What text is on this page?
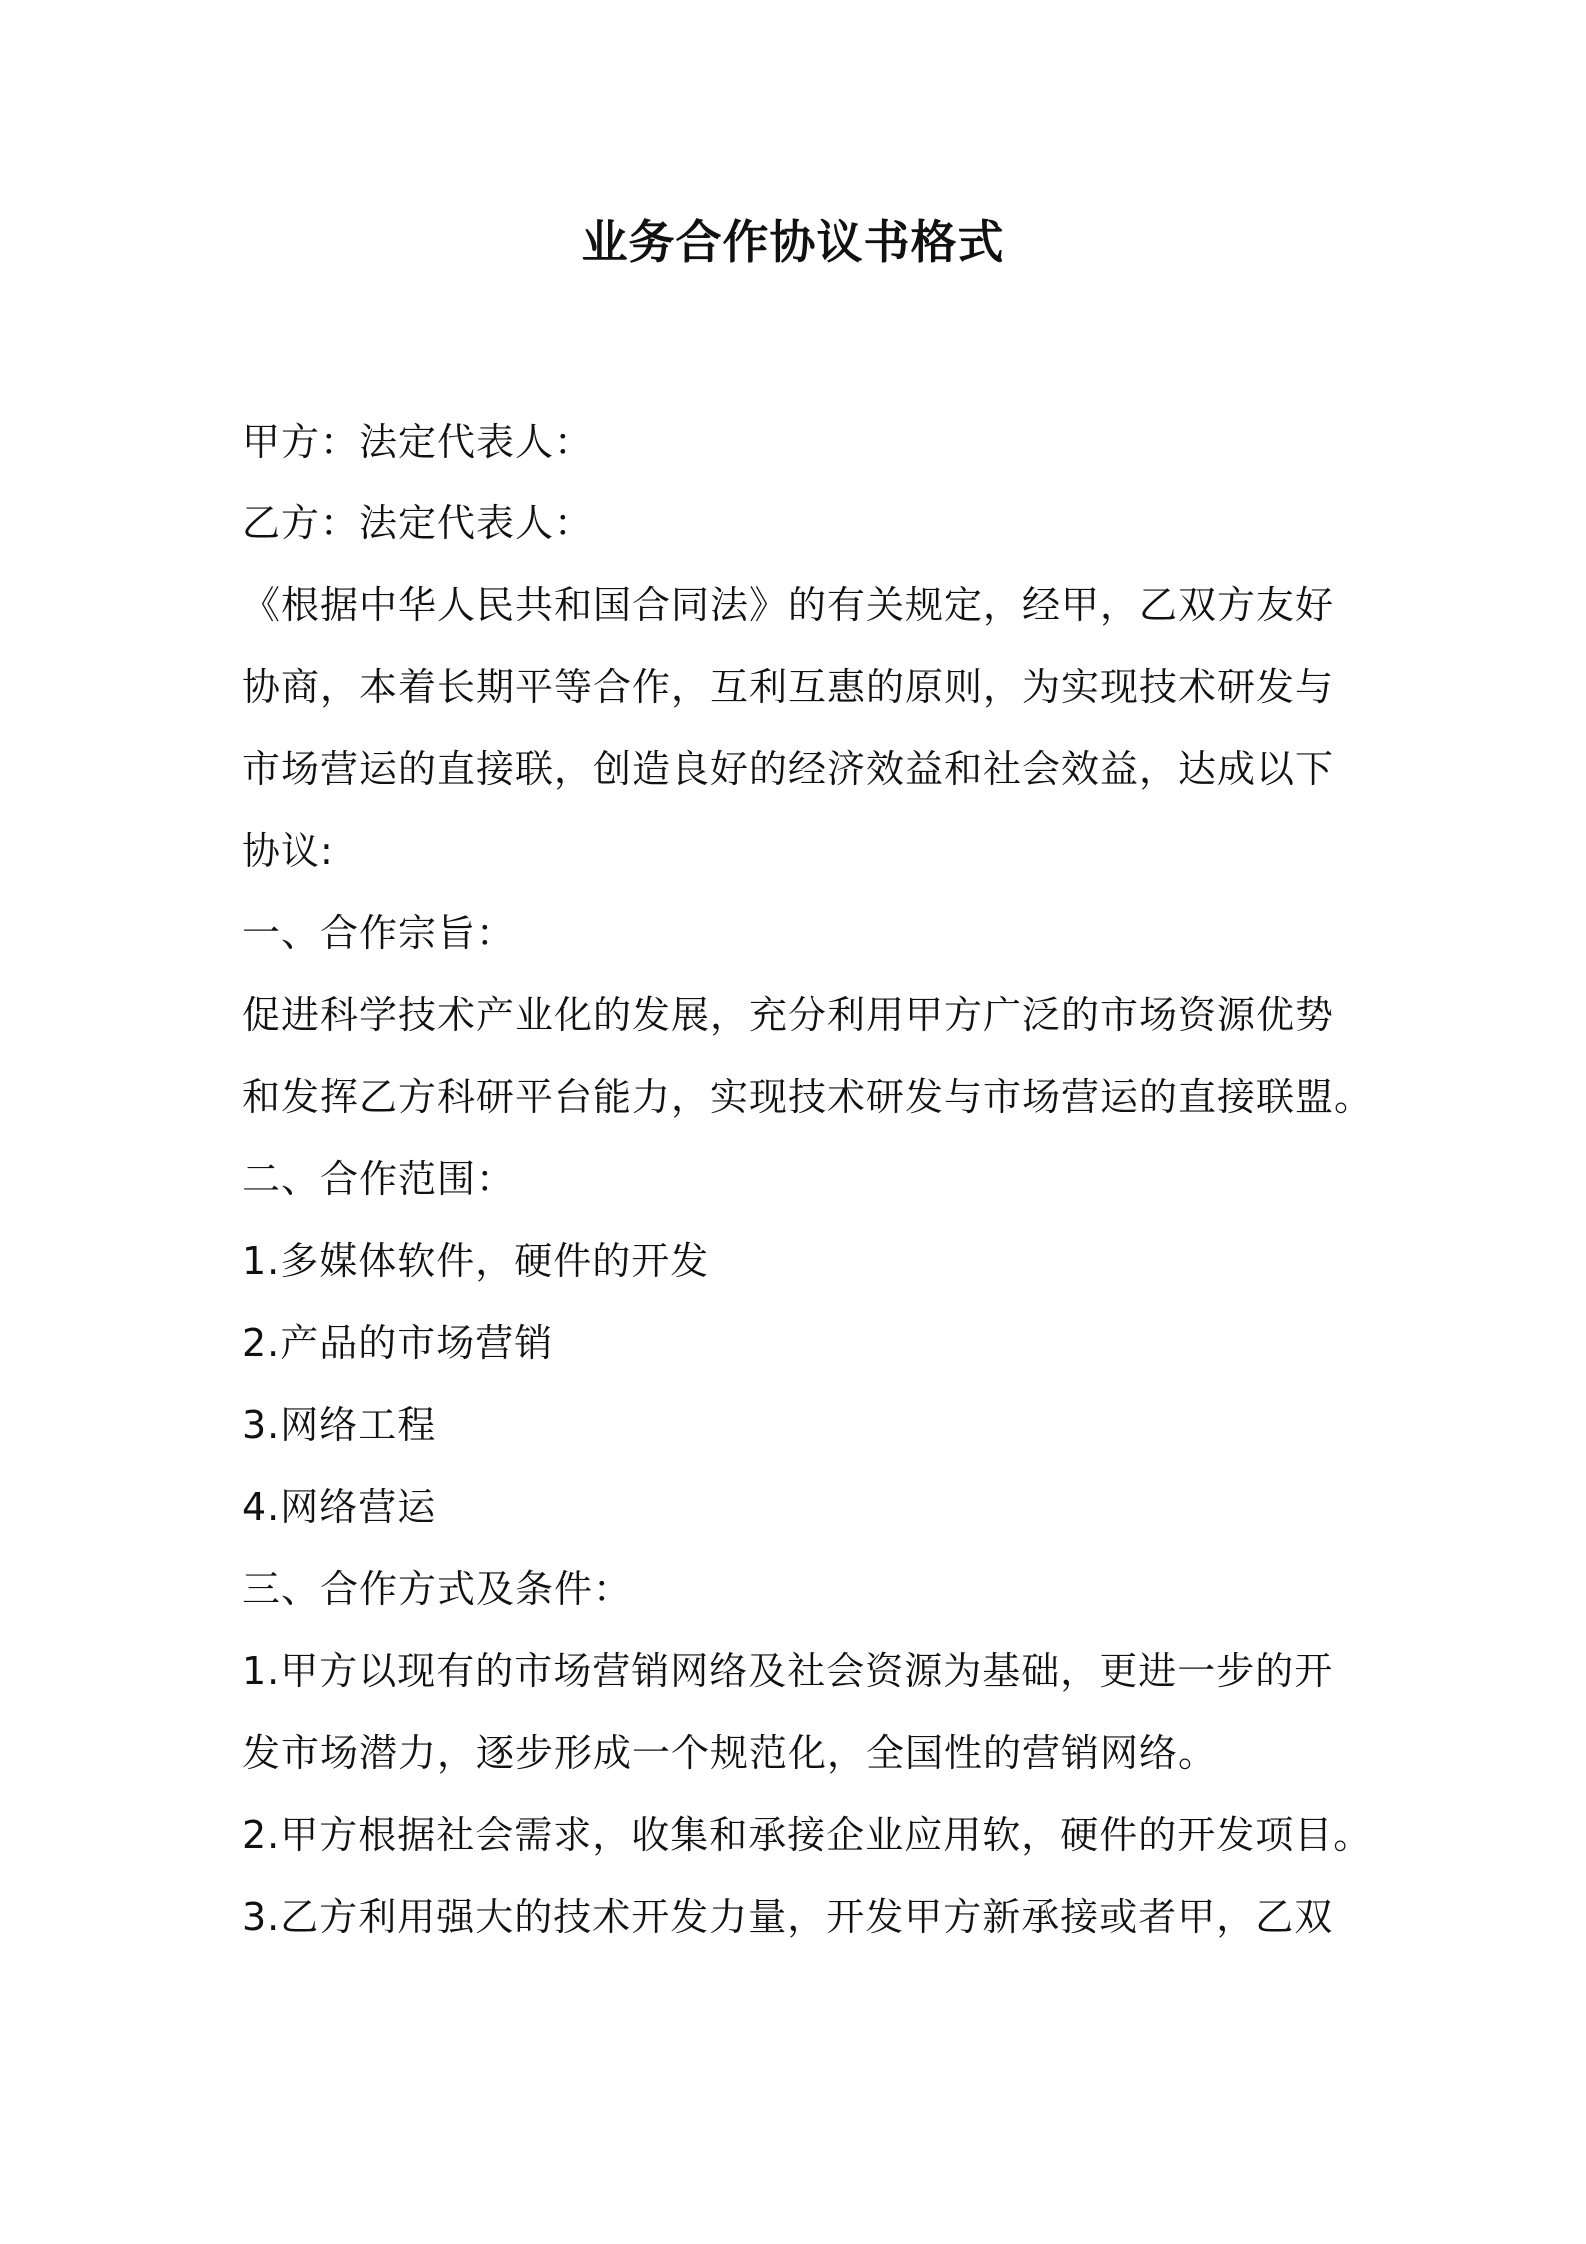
业务合作协议书格式
甲方：法定代表人：
乙方：法定代表人：
《根据中华人民共和国合同法》的有关规定，经甲，乙双方友好
协商，本着长期平等合作，互利互惠的原则，为实现技术研发与
市场营运的直接联，创造良好的经济效益和社会效益，达成以下
协议:
一、合作宗旨：
促进科学技术产业化的发展，充分利用甲方广泛的市场资源优势
和发挥乙方科研平台能力，实现技术研发与市场营运的直接联盟。
二、合作范围：
1.多媒体软件，硬件的开发
2.产品的市场营销
3.网络工程
4.网络营运
三、合作方式及条件：
1.甲方以现有的市场营销网络及社会资源为基础，更进一步的开
发市场潜力，逐步形成一个规范化，全国性的营销网络。
2.甲方根据社会需求，收集和承接企业应用软，硬件的开发项目。
3.乙方利用强大的技术开发力量，开发甲方新承接或者甲，乙双
